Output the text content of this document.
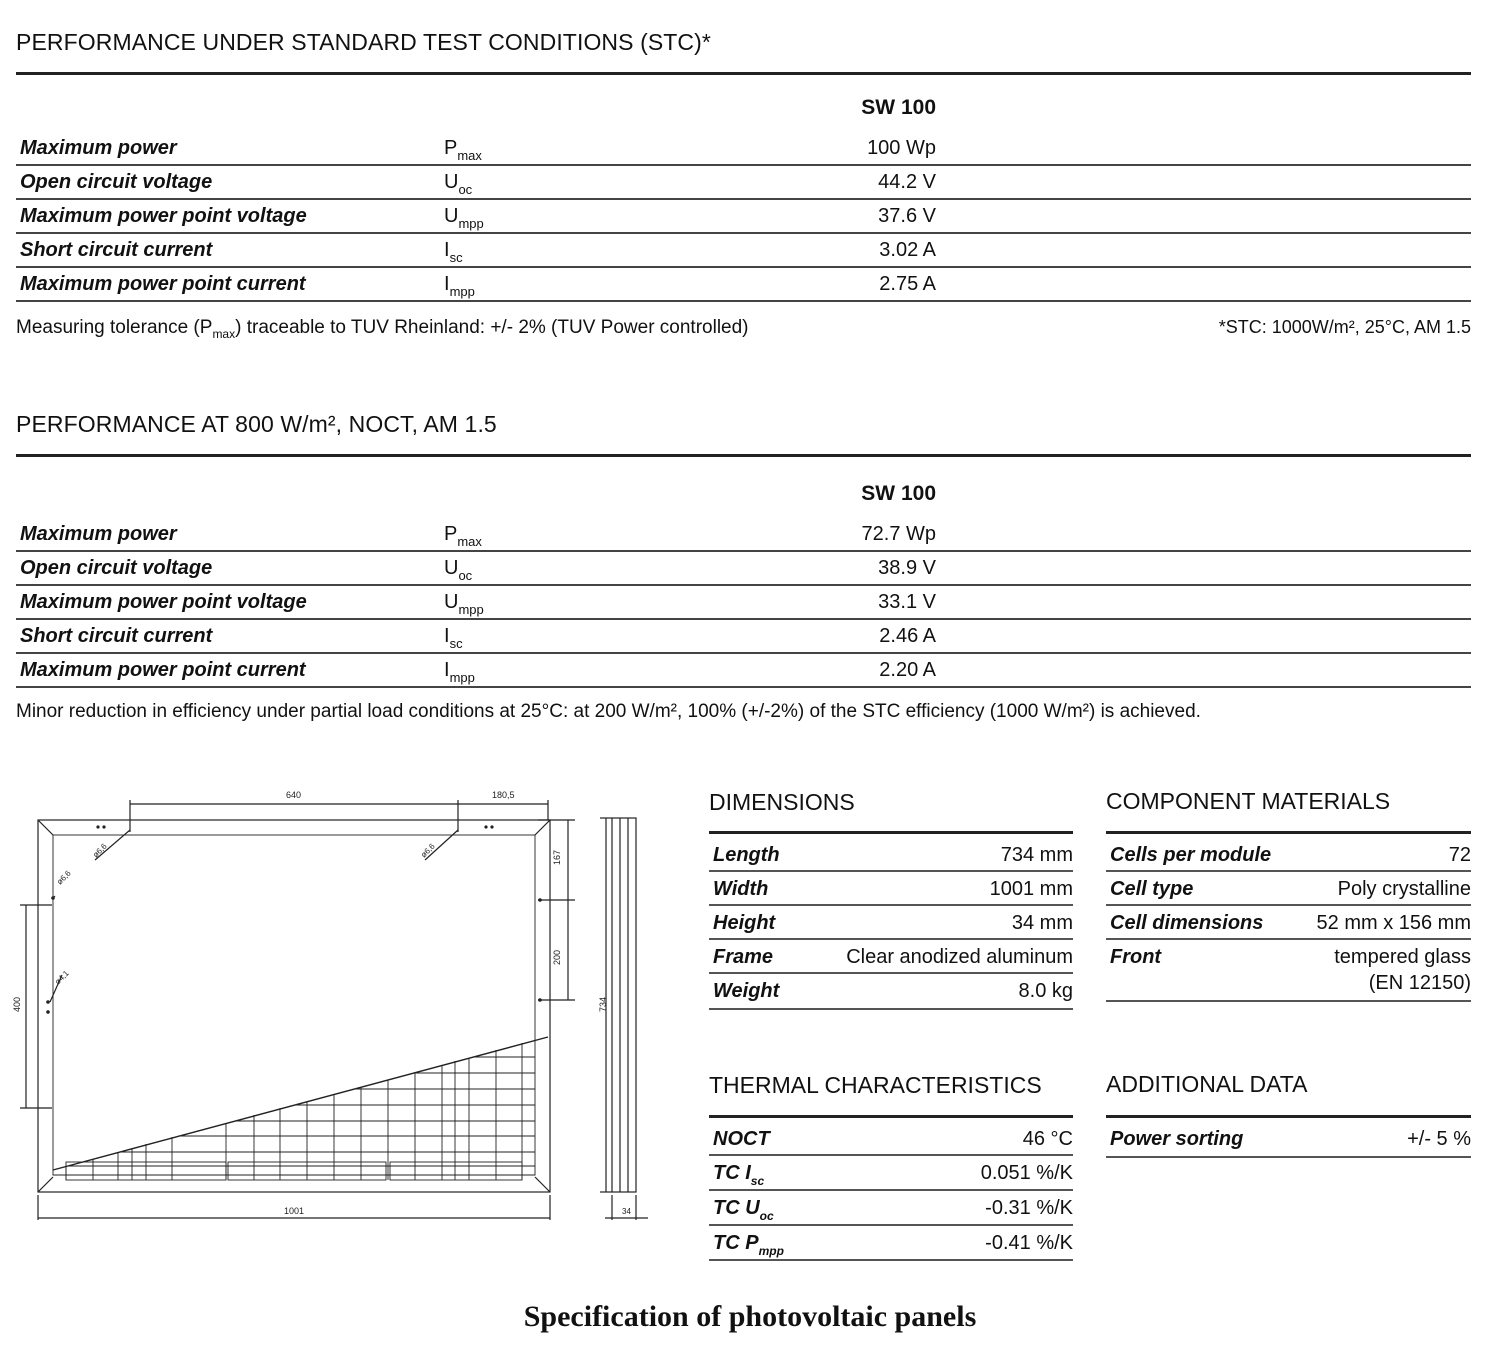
PERFORMANCE UNDER STANDARD TEST CONDITIONS (STC)*
SW 100
Maximum power	$P_{max}$	100 Wp
Open circuit voltage	$U_{oc}$	44.2 V
Maximum power point voltage	$U_{mpp}$	37.6 V
Short circuit current	$I_{sc}$	3.02 A
Maximum power point current	$I_{mpp}$	2.75 A
Measuring tolerance $(P_{max})$ traceable to TUV Rheinland: +/- 2% (TUV Power controlled)	*STC: 1000W/m², 25°C, AM 1.5
PERFORMANCE AT 800 W/m², NOCT, AM 1.5
SW 100
Maximum power	$P_{max}$	72.7 Wp
Open circuit voltage	$U_{oc}$	38.9 V
Maximum power point voltage	$U_{mpp}$	33.1 V
Short circuit current	$I_{sc}$	2.46 A
Maximum power point current	$I_{mpp}$	2.20 A
Minor reduction in efficiency under partial load conditions at 25°C: at 200 W/m², 100% (+/-2%) of the STC efficiency (1000 W/m²) is achieved.
640	180,5
167
200
400	734
1001	34
ø6,6	ø6,6
ø6,6
ø4,1
DIMENSIONS
Length	734 mm
Width	1001 mm
Height	34 mm
Frame	Clear anodized aluminum
Weight	8.0 kg
COMPONENT MATERIALS
Cells per module	72
Cell type	Poly crystalline
Cell dimensions	52 mm x 156 mm
Front	tempered glass
(EN 12150)
THERMAL CHARACTERISTICS
NOCT	46 °C
TC $I_{sc}$	0.051 %/K
TC $U_{oc}$	-0.31 %/K
TC $P_{mpp}$	-0.41 %/K
ADDITIONAL DATA
Power sorting	+/- 5 %
Specification of photovoltaic panels
